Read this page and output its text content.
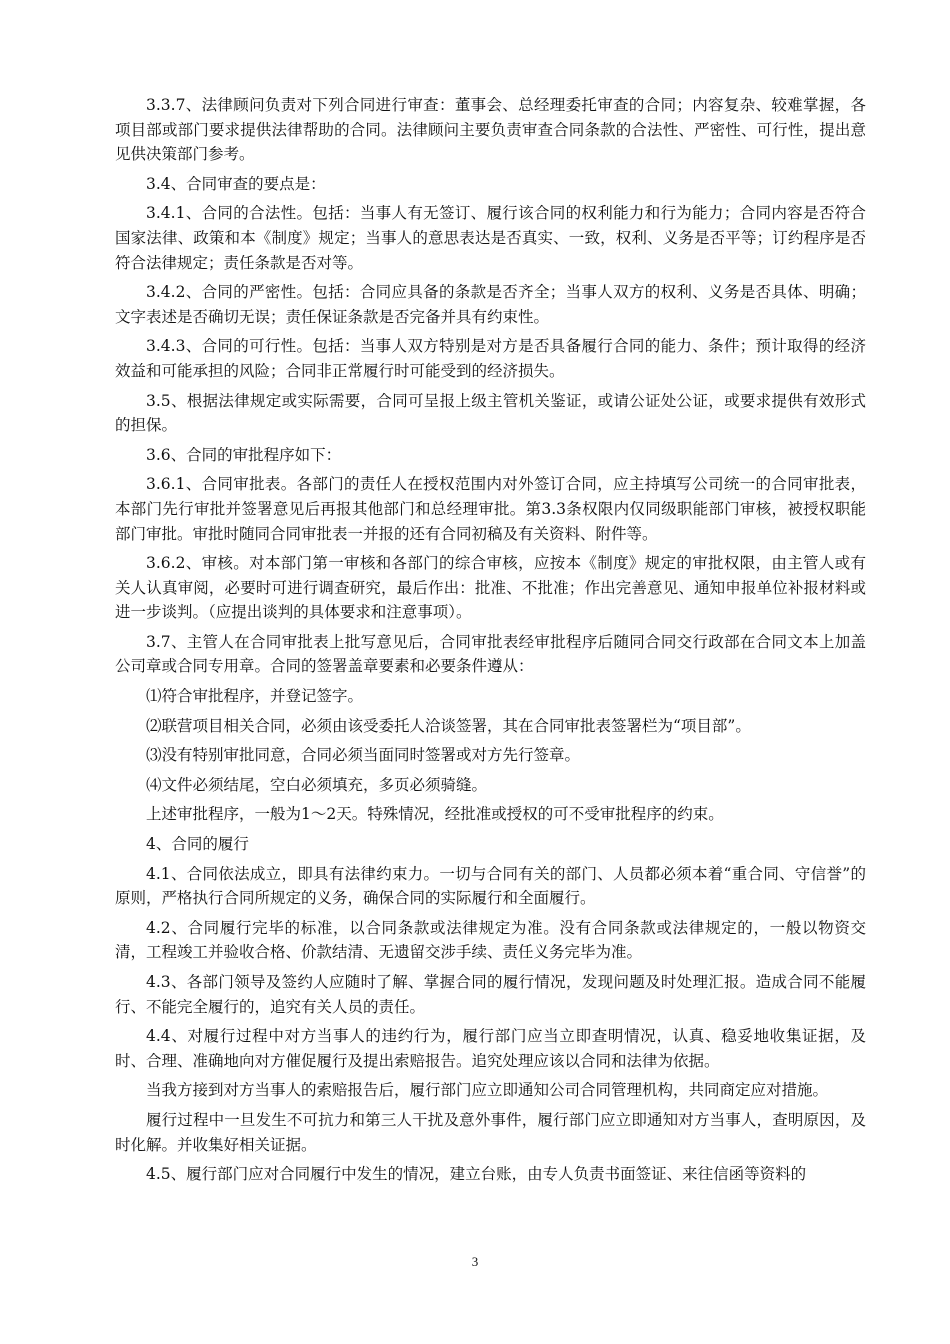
3.3.7、法律顾问负责对下列合同进行审查：董事会、总经理委托审查的合同；内容复杂、较难掌握，各项目部或部门要求提供法律帮助的合同。法律顾问主要负责审查合同条款的合法性、严密性、可行性，提出意见供决策部门参考。

3.4、合同审查的要点是：

3.4.1、合同的合法性。包括：当事人有无签订、履行该合同的权利能力和行为能力；合同内容是否符合国家法律、政策和本《制度》规定；当事人的意思表达是否真实、一致，权利、义务是否平等；订约程序是否符合法律规定；责任条款是否对等。

3.4.2、合同的严密性。包括：合同应具备的条款是否齐全；当事人双方的权利、义务是否具体、明确；文字表述是否确切无误；责任保证条款是否完备并具有约束性。

3.4.3、合同的可行性。包括：当事人双方特别是对方是否具备履行合同的能力、条件；预计取得的经济效益和可能承担的风险；合同非正常履行时可能受到的经济损失。

3.5、根据法律规定或实际需要，合同可呈报上级主管机关鉴证，或请公证处公证，或要求提供有效形式的担保。

3.6、合同的审批程序如下：

3.6.1、合同审批表。各部门的责任人在授权范围内对外签订合同，应主持填写公司统一的合同审批表，本部门先行审批并签署意见后再报其他部门和总经理审批。第3.3条权限内仅同级职能部门审核，被授权职能部门审批。审批时随同合同审批表一并报的还有合同初稿及有关资料、附件等。

3.6.2、审核。对本部门第一审核和各部门的综合审核，应按本《制度》规定的审批权限，由主管人或有关人认真审阅，必要时可进行调查研究，最后作出：批准、不批准；作出完善意见、通知申报单位补报材料或进一步谈判。（应提出谈判的具体要求和注意事项）。

3.7、主管人在合同审批表上批写意见后，合同审批表经审批程序后随同合同交行政部在合同文本上加盖公司章或合同专用章。合同的签署盖章要素和必要条件遵从：

⑴符合审批程序，并登记签字。

⑵联营项目相关合同，必须由该受委托人洽谈签署，其在合同审批表签署栏为“项目部”。

⑶没有特别审批同意，合同必须当面同时签署或对方先行签章。

⑷文件必须结尾，空白必须填充，多页必须骑缝。

上述审批程序，一般为1～2天。特殊情况，经批准或授权的可不受审批程序的约束。

4、合同的履行

4.1、合同依法成立，即具有法律约束力。一切与合同有关的部门、人员都必须本着“重合同、守信誉”的原则，严格执行合同所规定的义务，确保合同的实际履行和全面履行。

4.2、合同履行完毕的标准，以合同条款或法律规定为准。没有合同条款或法律规定的，一般以物资交清，工程竣工并验收合格、价款结清、无遗留交涉手续、责任义务完毕为准。

4.3、各部门领导及签约人应随时了解、掌握合同的履行情况，发现问题及时处理汇报。造成合同不能履行、不能完全履行的，追究有关人员的责任。

4.4、对履行过程中对方当事人的违约行为，履行部门应当立即查明情况，认真、稳妥地收集证据，及时、合理、准确地向对方催促履行及提出索赔报告。追究处理应该以合同和法律为依据。

当我方接到对方当事人的索赔报告后，履行部门应立即通知公司合同管理机构，共同商定应对措施。

履行过程中一旦发生不可抗力和第三人干扰及意外事件，履行部门应立即通知对方当事人，查明原因，及时化解。并收集好相关证据。

4.5、履行部门应对合同履行中发生的情况，建立台账，由专人负责书面签证、来往信函等资料的

3
